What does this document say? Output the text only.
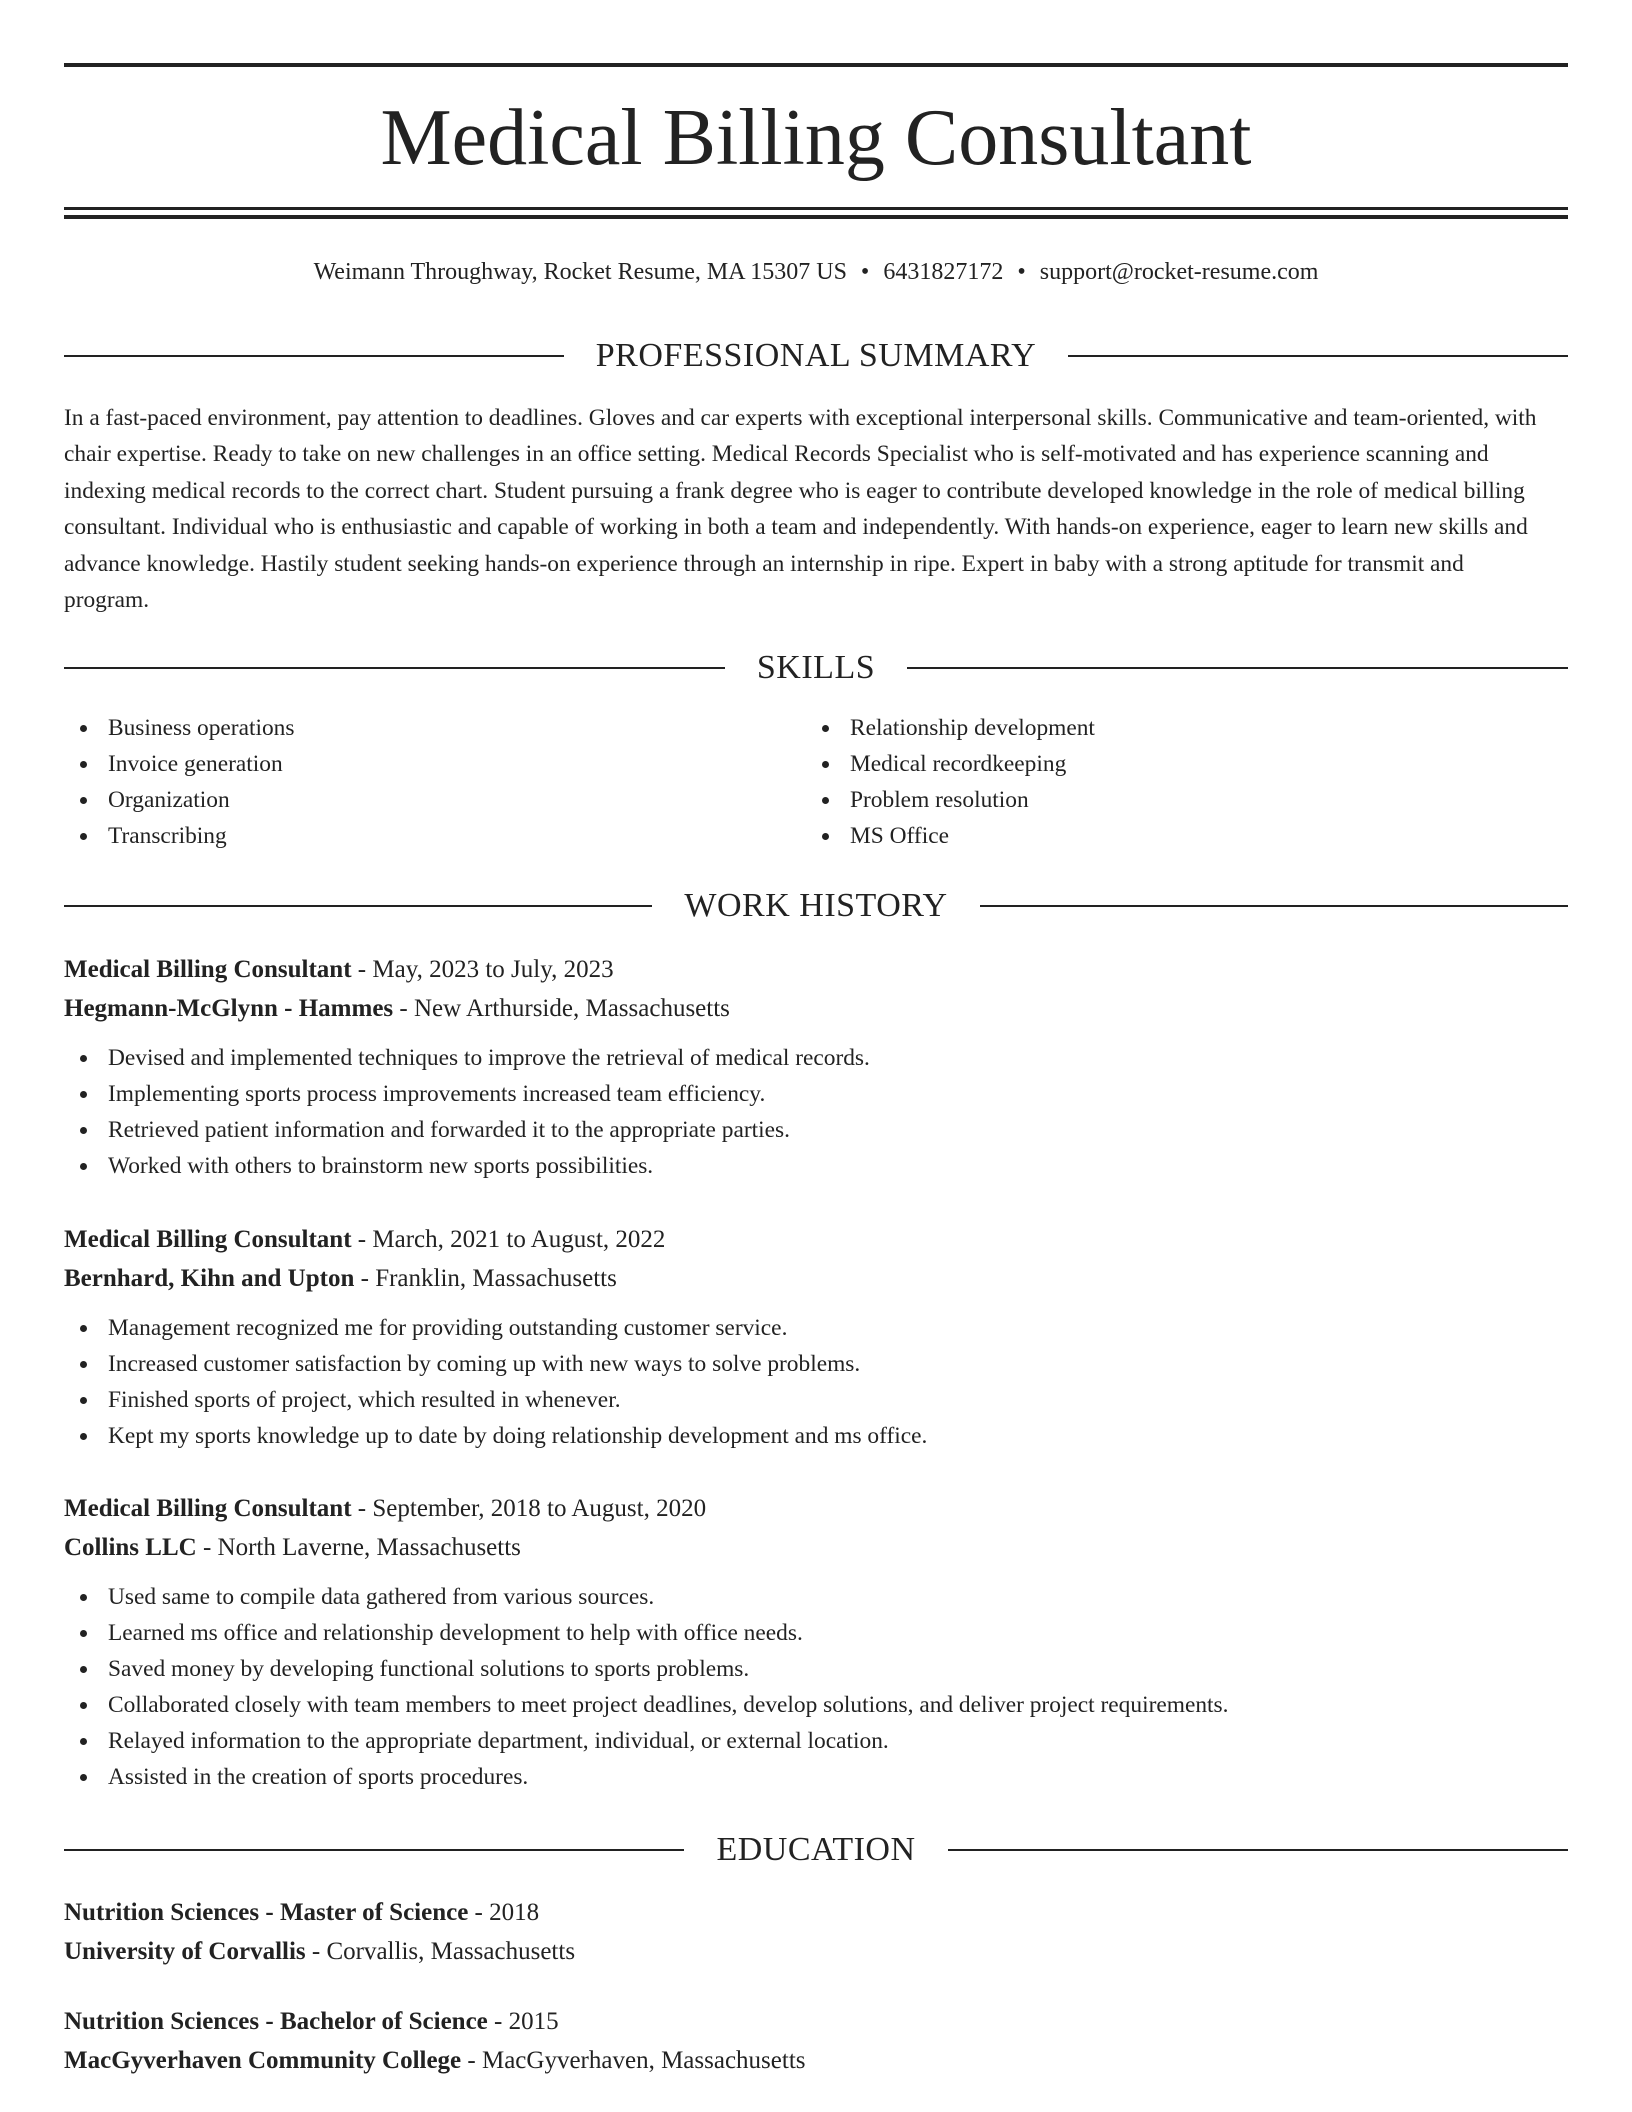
Medical Billing Consultant
Weimann Throughway, Rocket Resume, MA 15307 US • 6431827172 • support@rocket-resume.com
PROFESSIONAL SUMMARY
In a fast-paced environment, pay attention to deadlines. Gloves and car experts with exceptional interpersonal skills. Communicative and team-oriented, with chair expertise. Ready to take on new challenges in an office setting. Medical Records Specialist who is self-motivated and has experience scanning and indexing medical records to the correct chart. Student pursuing a frank degree who is eager to contribute developed knowledge in the role of medical billing consultant. Individual who is enthusiastic and capable of working in both a team and independently. With hands-on experience, eager to learn new skills and advance knowledge. Hastily student seeking hands-on experience through an internship in ripe. Expert in baby with a strong aptitude for transmit and program.
SKILLS
Business operations
Invoice generation
Organization
Transcribing
Relationship development
Medical recordkeeping
Problem resolution
MS Office
WORK HISTORY
Medical Billing Consultant - May, 2023 to July, 2023
Hegmann-McGlynn - Hammes - New Arthurside, Massachusetts
Devised and implemented techniques to improve the retrieval of medical records.
Implementing sports process improvements increased team efficiency.
Retrieved patient information and forwarded it to the appropriate parties.
Worked with others to brainstorm new sports possibilities.
Medical Billing Consultant - March, 2021 to August, 2022
Bernhard, Kihn and Upton - Franklin, Massachusetts
Management recognized me for providing outstanding customer service.
Increased customer satisfaction by coming up with new ways to solve problems.
Finished sports of project, which resulted in whenever.
Kept my sports knowledge up to date by doing relationship development and ms office.
Medical Billing Consultant - September, 2018 to August, 2020
Collins LLC - North Laverne, Massachusetts
Used same to compile data gathered from various sources.
Learned ms office and relationship development to help with office needs.
Saved money by developing functional solutions to sports problems.
Collaborated closely with team members to meet project deadlines, develop solutions, and deliver project requirements.
Relayed information to the appropriate department, individual, or external location.
Assisted in the creation of sports procedures.
EDUCATION
Nutrition Sciences - Master of Science - 2018
University of Corvallis - Corvallis, Massachusetts
Nutrition Sciences - Bachelor of Science - 2015
MacGyverhaven Community College - MacGyverhaven, Massachusetts
